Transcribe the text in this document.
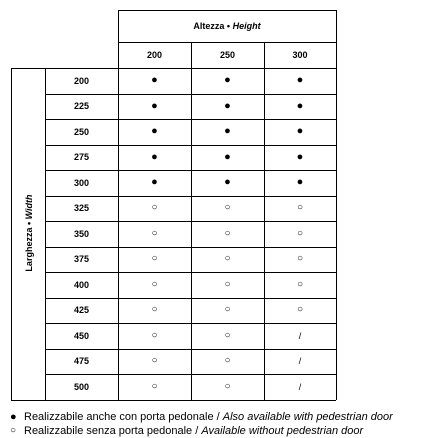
Altezza
•
Height
200	250	300
Larghezza • Width
200	●	●	●
225	●	●	●
250	●	●	●
275	●	●	●
300	●	●	●
325	○	○	○
350	○	○	○
375	○	○	○
400	○	○	○
425	○	○	○
450	○	○	/
475	○	○	/
500	○	○	/
● Realizzabile anche con porta pedonale /
Also available with pedestrian door
○ Realizzabile senza porta pedonale /
Available without pedestrian door
